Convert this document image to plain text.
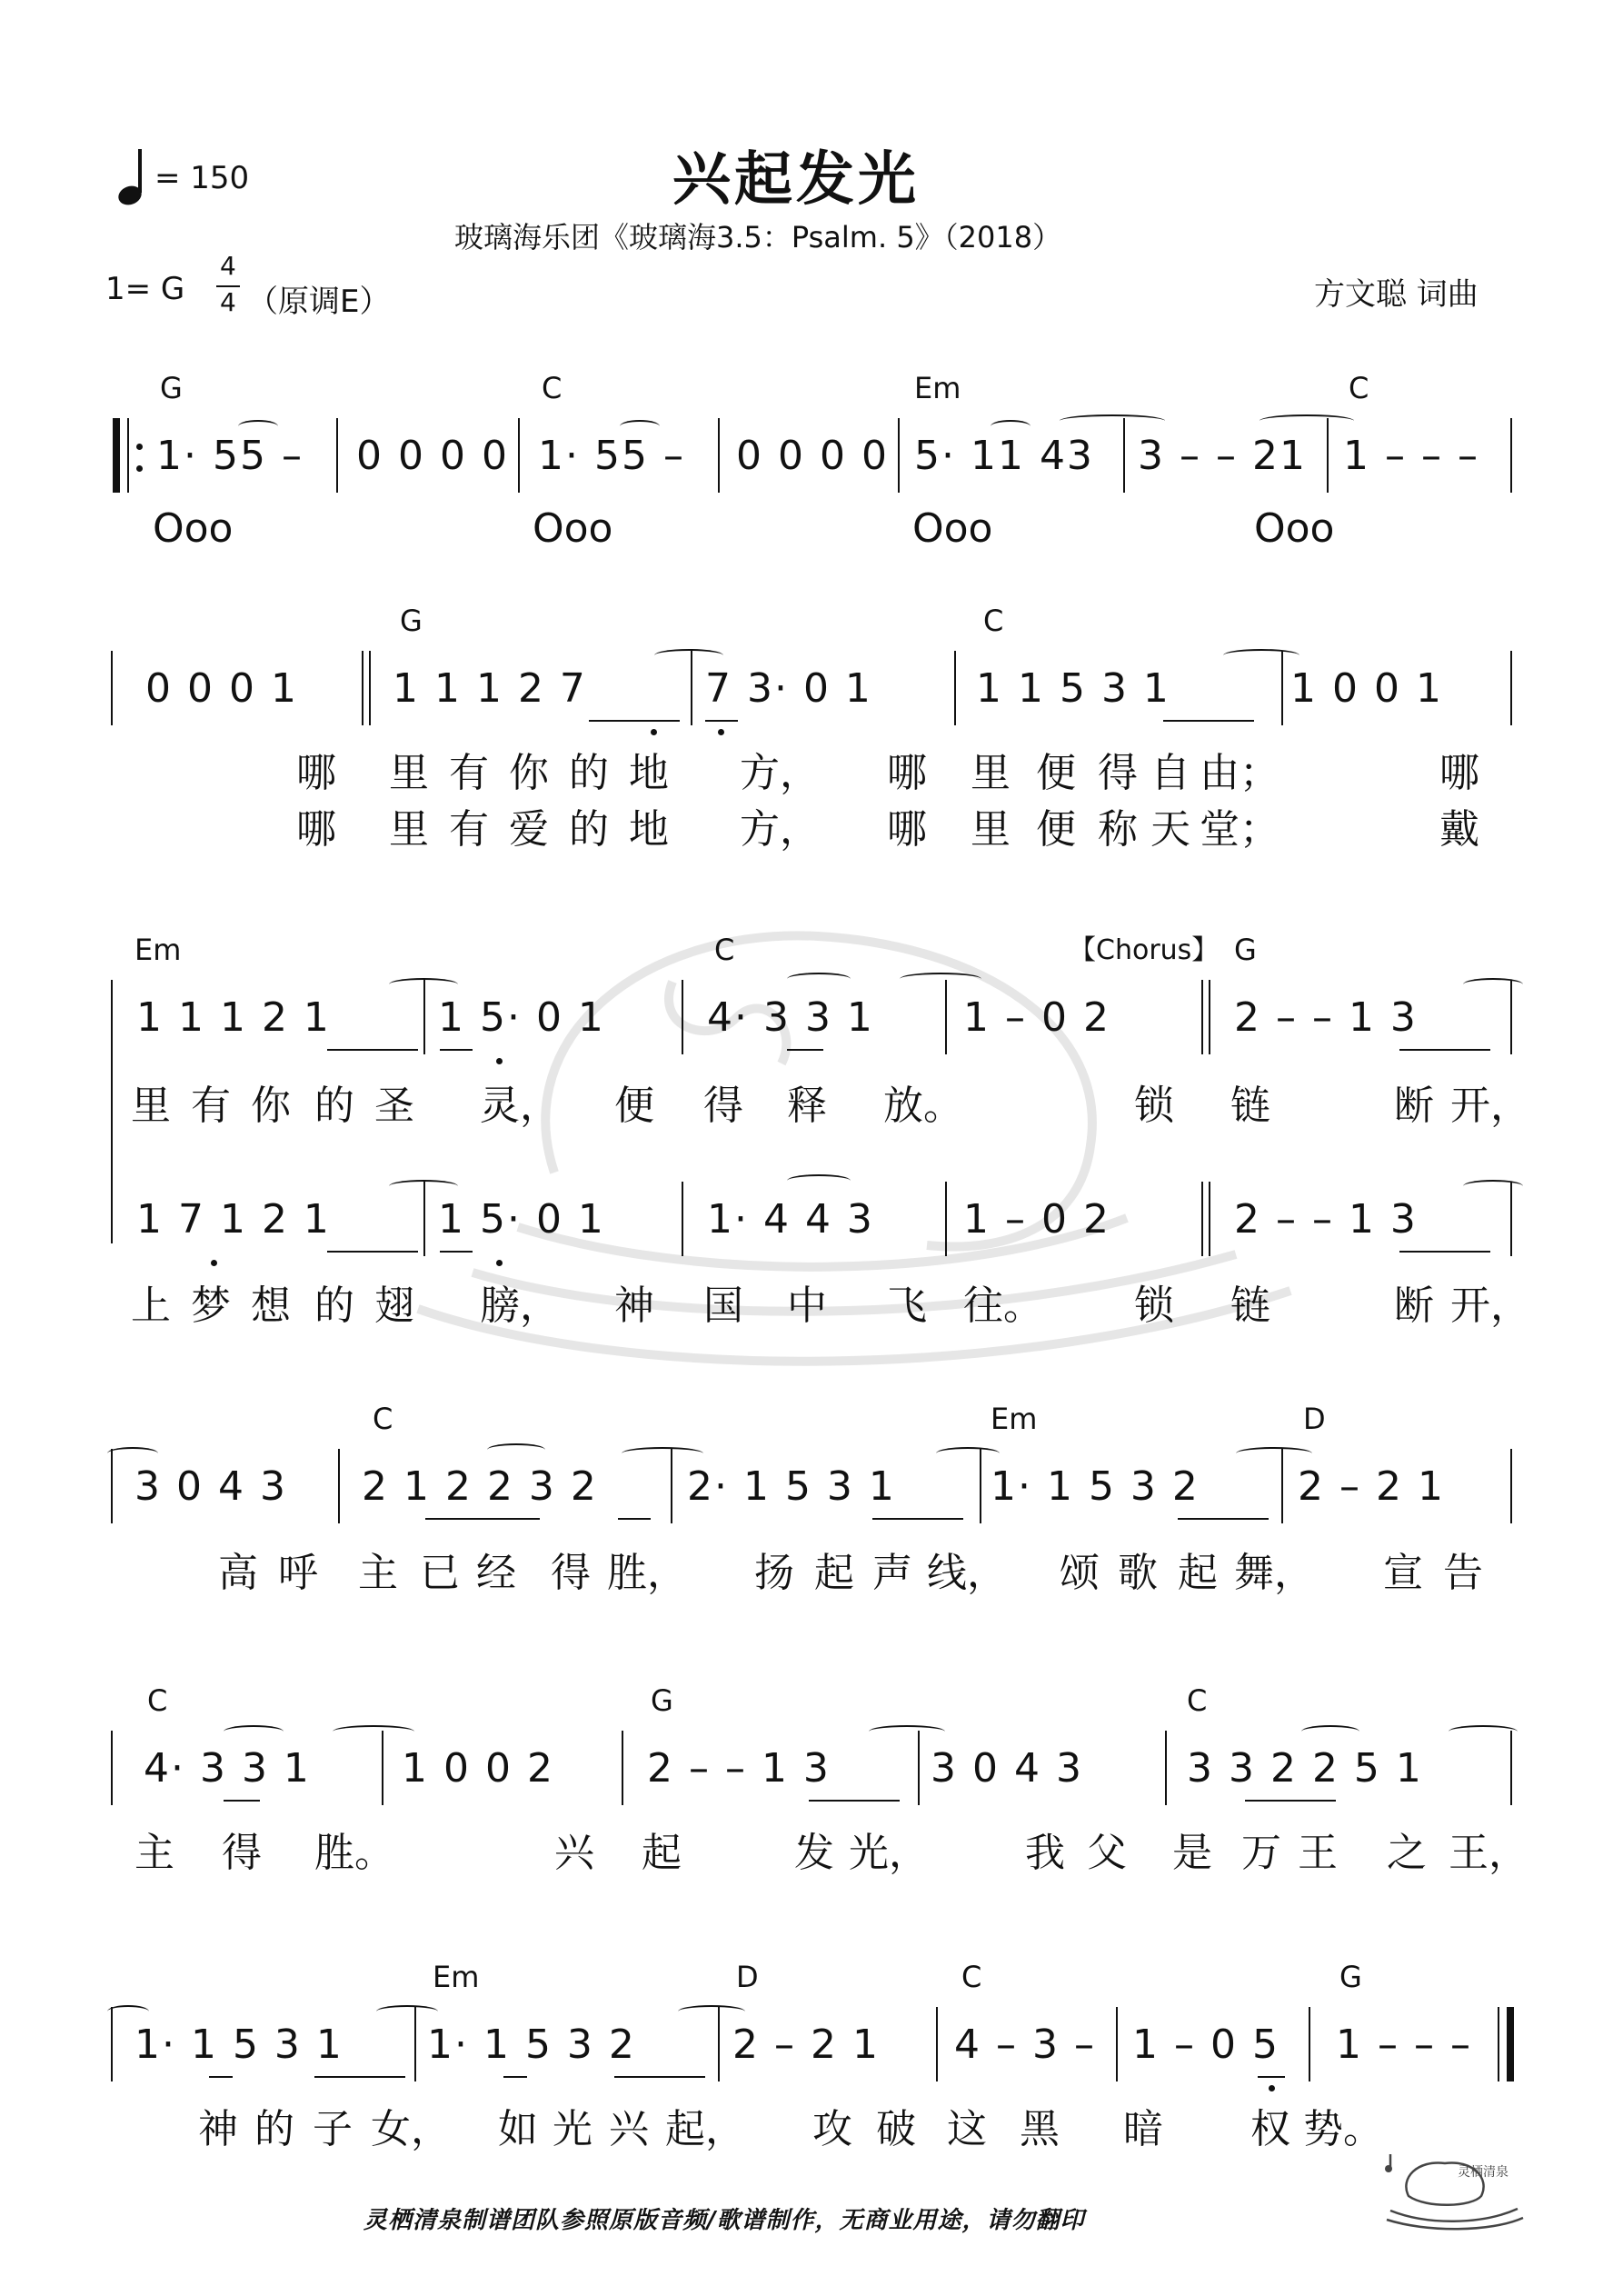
兴起发光
玻璃海乐团《玻璃海3.5：Psalm. 5》（2018）
= 150
1= G
4
4 （原调E）	方文聪 词曲
G	C	Em	C
1· 55 – 0 0 0 0 1· 55 – 0 0 0 0 5· 11 43 3 – – 21 1 – – –
Ooo	Ooo	Ooo	Ooo
G	C
0 0 0 1 1 1 1 2 7	7 3· 0 1	1 1 5 3 1	1 0 0 1
哪 里 有 你 的 地 方， 哪 里 便 得 自 由；	哪
哪 里 有 爱 的 地 方， 哪 里 便 称 天 堂；	戴
Em	C	【Chorus】 G
1 1 1 2 1	1 5· 0 1	4· 3 3 1 1 – 0 2	2 – – 1 3
里 有 你 的 圣 灵， 便 得 释 放。	锁 链	断 开，
1 7 1 2 1	1 5· 0 1	1· 4 4 3 1 – 0 2	2 – – 1 3
上 梦 想 的 翅 膀， 神 国 中 飞 往。 锁 链	断 开，
C	Em	D
3 0 4 3 2 1 2 2 3 2 2· 1 5 3 1 1· 1 5 3 2 2 – 2 1
高 呼 主 已 经 得 胜， 扬 起 声 线， 颂 歌 起 舞， 宣 告
C	G	C
4· 3 3 1 1 0 0 2 2 – – 1 3	3 0 4 3	3 3 2 2 5 1
主 得 胜。	兴 起	发 光， 我 父 是 万 王 之 王，
Em	D	C	G
1· 1 5 3 1 1· 1 5 3 2 2 – 2 1 4 – 3 – 1 – 0 5 1 – – –
神 的 子 女， 如 光 兴 起， 攻 破 这 黑 暗 权 势。
灵栖清泉制谱团队参照原版音频/歌谱制作，无商业用途，请勿翻印
灵栖清泉
